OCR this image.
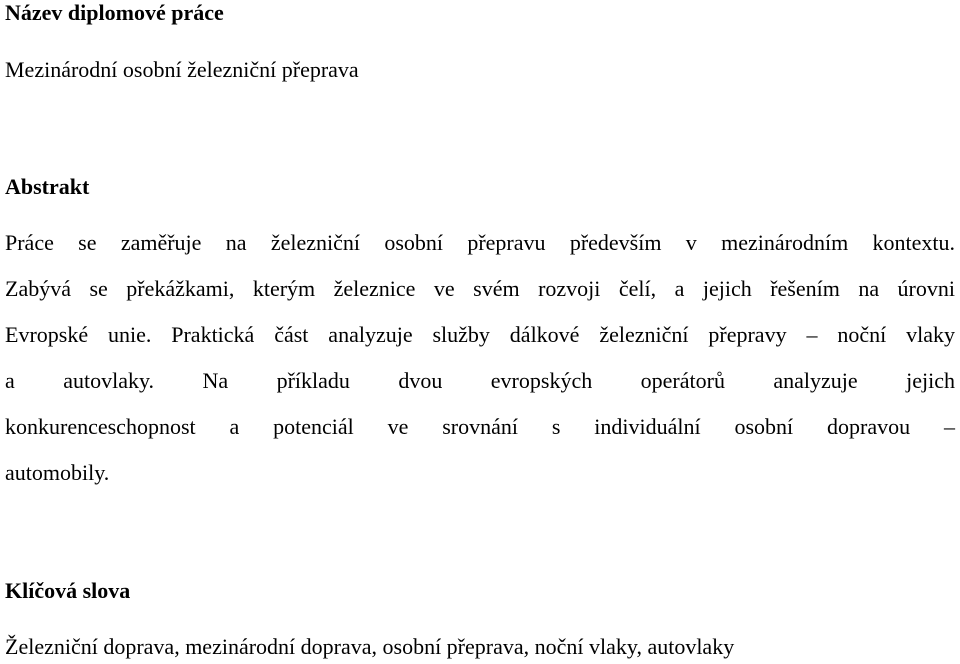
Název diplomové práce

Mezinárodní osobní železniční přeprava

Abstrakt
Práce se zaměřuje na železniční osobní přepravu především v mezinárodním kontextu.
Zabývá se překážkami, kterým železnice ve svém rozvoji čelí, a jejich řešením na úrovni
Evropské unie. Praktická část analyzuje služby dálkové železniční přepravy – noční vlaky
a autovlaky. Na příkladu dvou evropských operátorů analyzuje jejich
konkurenceschopnost a potenciál ve srovnání s individuální osobní dopravou –
automobily.
Klíčová slova

Železniční doprava, mezinárodní doprava, osobní přeprava, noční vlaky, autovlaky
